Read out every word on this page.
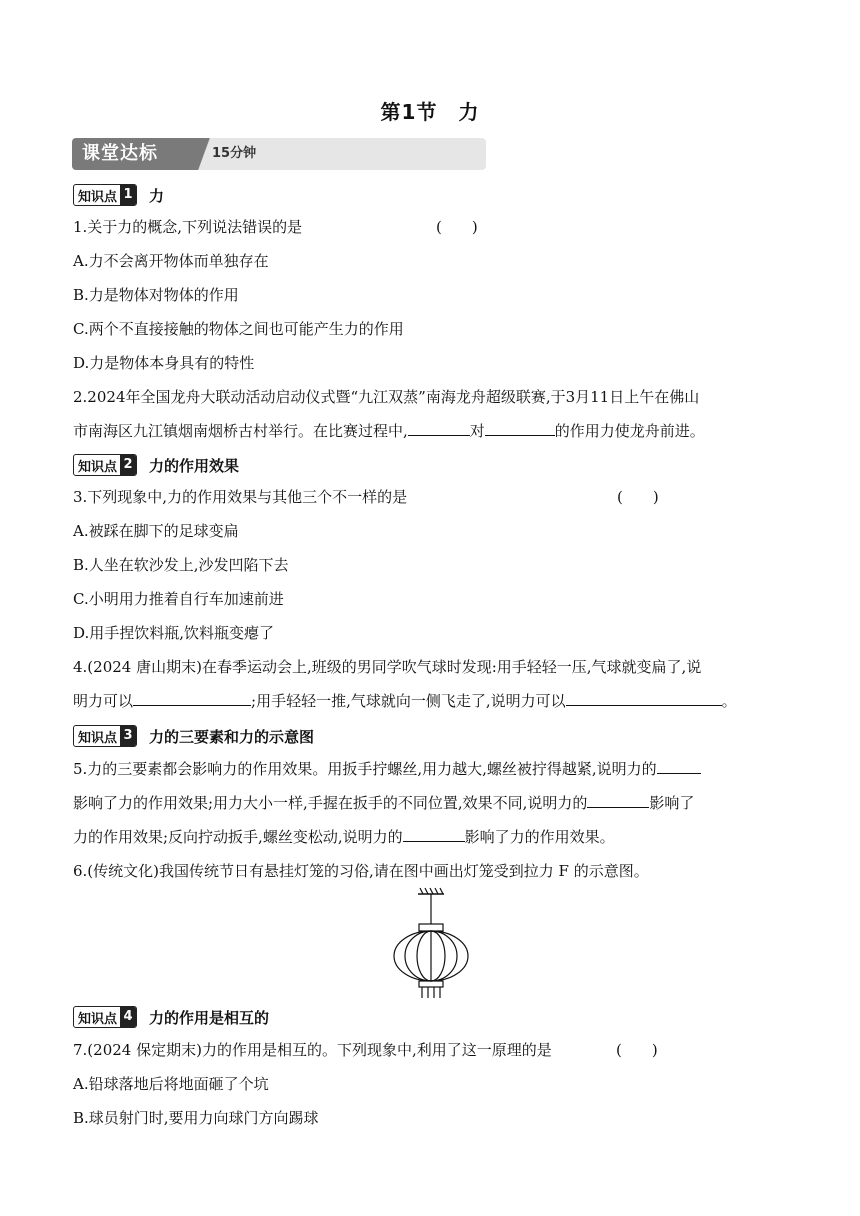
第1节　力
课堂达标	15分钟
知识点 1 力
1.关于力的概念,下列说法错误的是	(　　)
A.力不会离开物体而单独存在
B.力是物体对物体的作用
C.两个不直接接触的物体之间也可能产生力的作用
D.力是物体本身具有的特性
2.2024年全国龙舟大联动活动启动仪式暨“九江双蒸”南海龙舟超级联赛,于3月11日上午在佛山
市南海区九江镇烟南烟桥古村举行。在比赛过程中,	对	的作用力使龙舟前进。
知识点 2 力的作用效果
3.下列现象中,力的作用效果与其他三个不一样的是	(　　)
A.被踩在脚下的足球变扁
B.人坐在软沙发上,沙发凹陷下去
C.小明用力推着自行车加速前进
D.用手捏饮料瓶,饮料瓶变瘪了
4.(2024 唐山期末)在春季运动会上,班级的男同学吹气球时发现:用手轻轻一压,气球就变扁了,说
明力可以	;用手轻轻一推,气球就向一侧飞走了,说明力可以	。
知识点 3 力的三要素和力的示意图
5.力的三要素都会影响力的作用效果。用扳手拧螺丝,用力越大,螺丝被拧得越紧,说明力的
影响了力的作用效果;用力大小一样,手握在扳手的不同位置,效果不同,说明力的	影响了
力的作用效果;反向拧动扳手,螺丝变松动,说明力的	影响了力的作用效果。
6.(传统文化)我国传统节日有悬挂灯笼的习俗,请在图中画出灯笼受到拉力 F 的示意图。
知识点 4 力的作用是相互的
7.(2024 保定期末)力的作用是相互的。下列现象中,利用了这一原理的是	(　　)
A.铅球落地后将地面砸了个坑
B.球员射门时,要用力向球门方向踢球
